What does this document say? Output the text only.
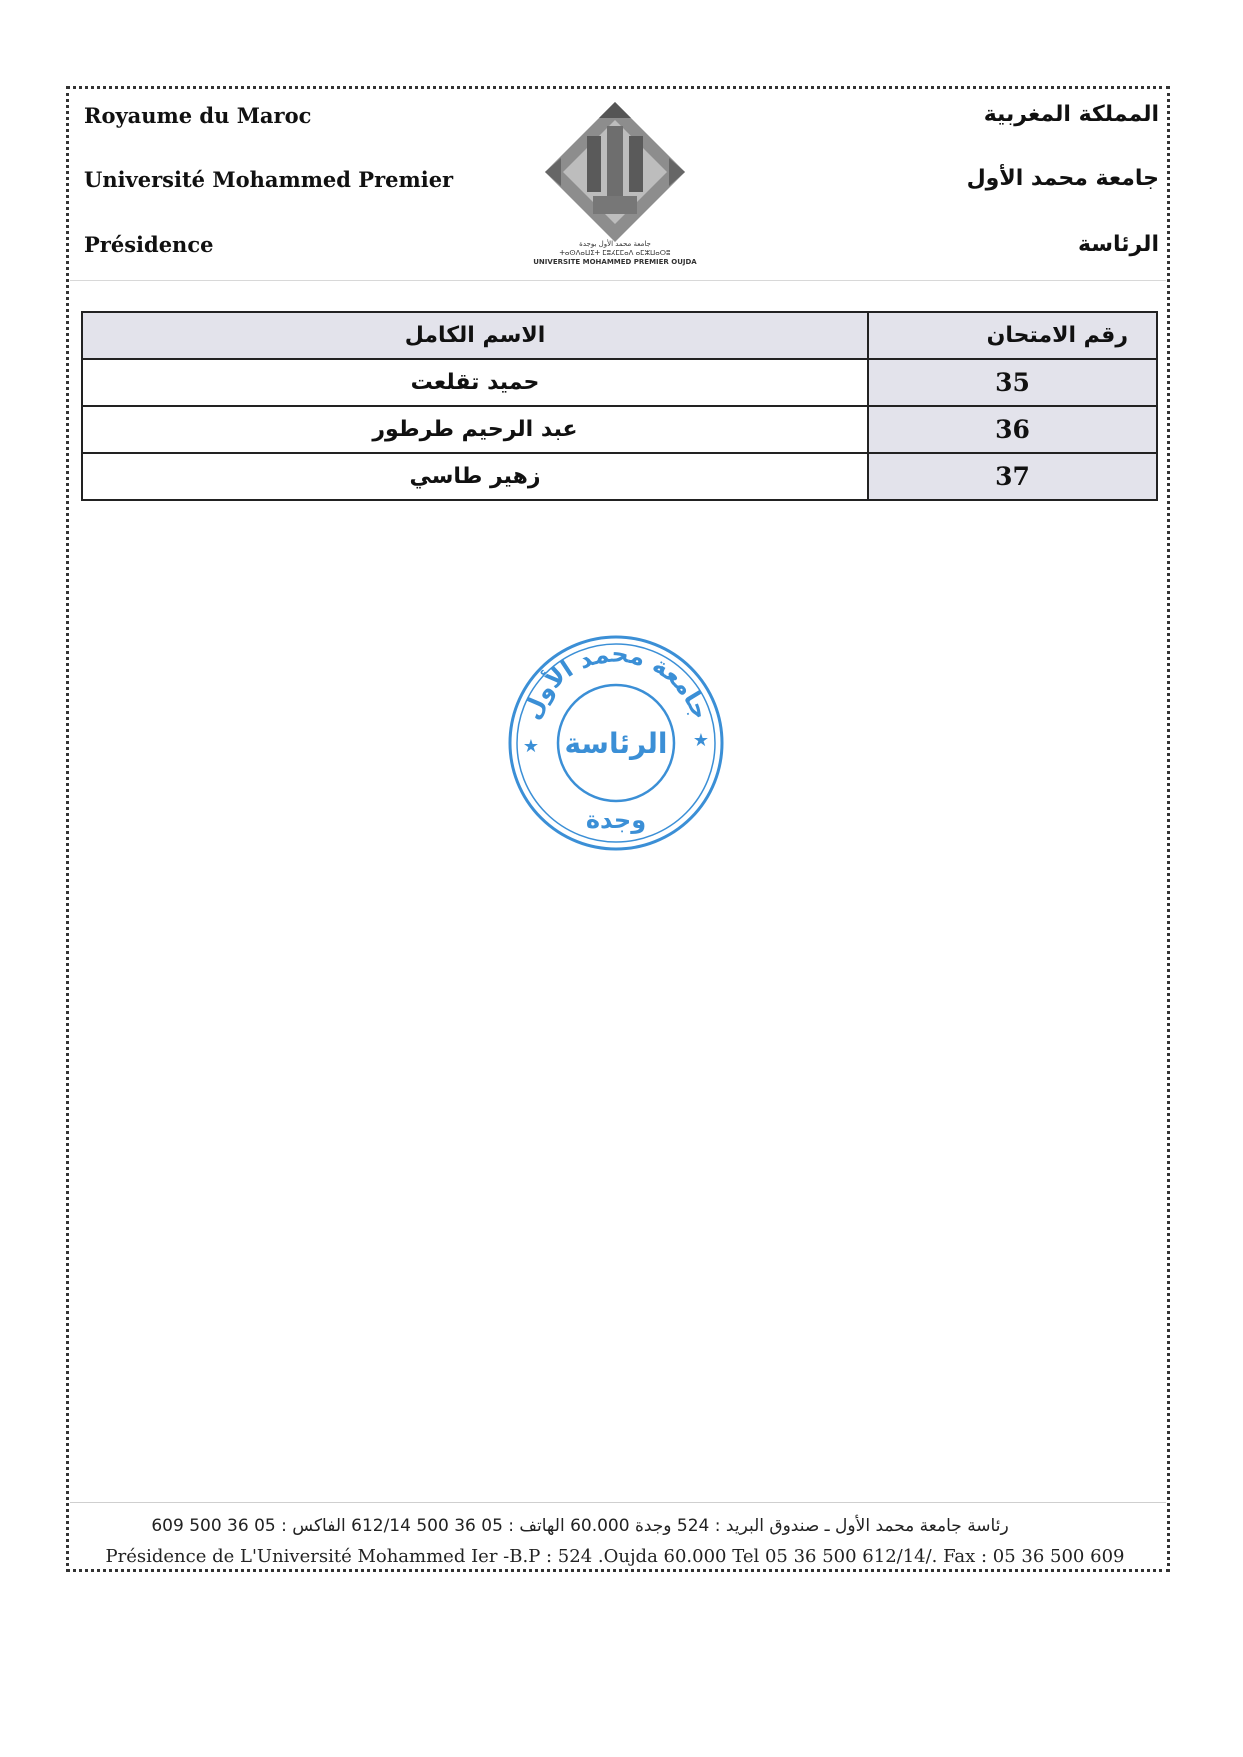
Royaume du Maroc
Université Mohammed Premier
Présidence
المملكة المغربية
جامعة محمد الأول
الرئاسة
جامعة محمد الأول بوجدة
ⵜⴰⵙⴷⴰⵡⵉⵜ ⵎⵓⵃⵎⵎⴰⴷ ⴰⵎⵣⵡⴰⵔⵓ
UNIVERSITE MOHAMMED PREMIER OUJDA
رقم الامتحان	الاسم الكامل
35	حميد تقلعت
36	عبد الرحيم طرطور
37	زهير طاسي
جامعة محمد الأول
الرئاسة
وجدة
★	★
رئاسة جامعة محمد الأول ـ صندوق البريد : 524 وجدة 60.000 الهاتف : 05 36 500 612/14 الفاكس : 05 36 500 609
Présidence de L'Université Mohammed Ier -B.P : 524 .Oujda 60.000 Tel 05 36 500 612/14/. Fax : 05 36 500 609
